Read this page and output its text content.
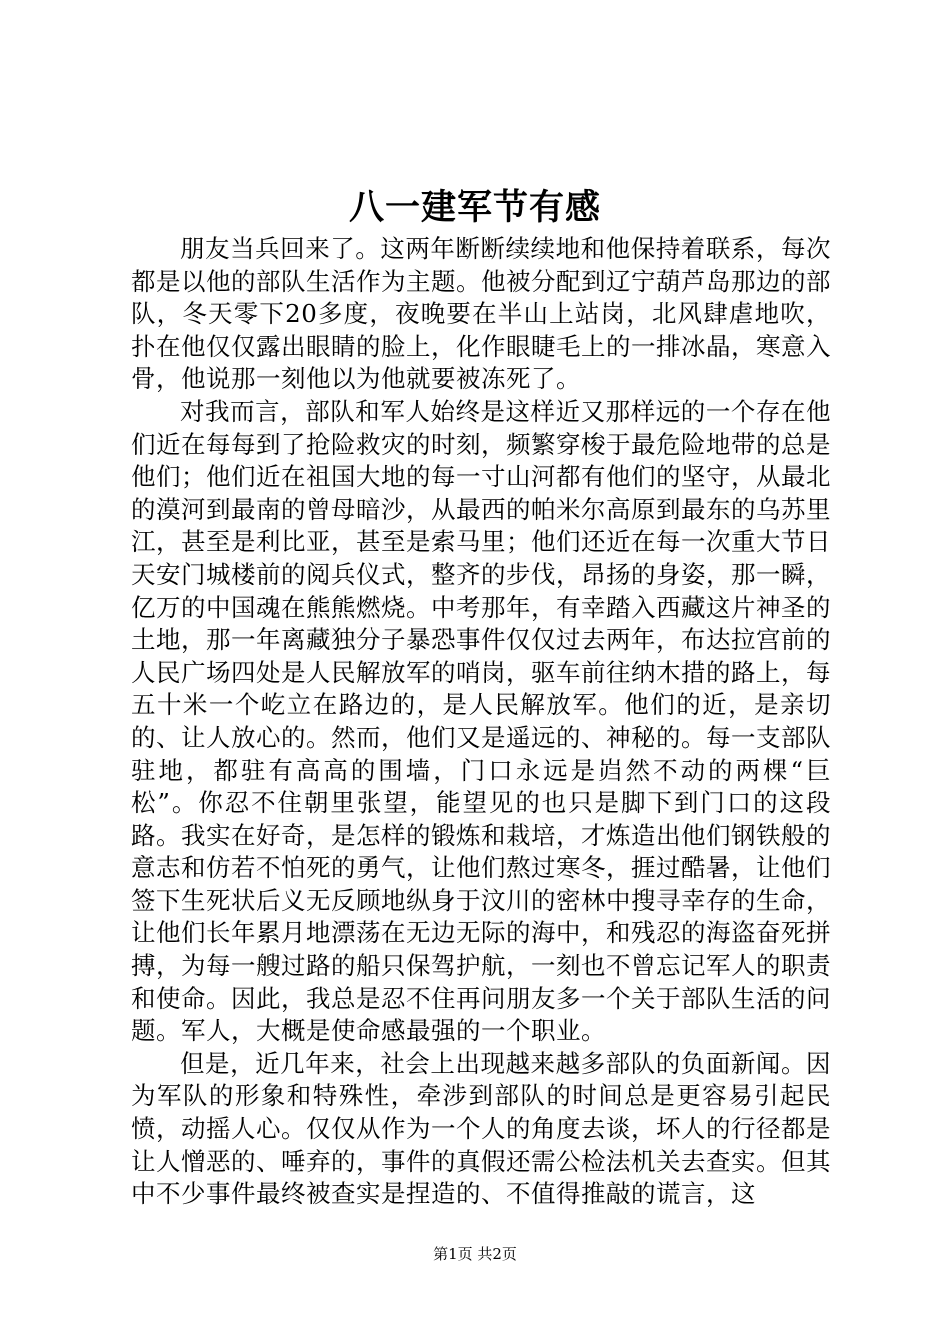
八一建军节有感

朋友当兵回来了。这两年断断续续地和他保持着联系，每次都是以他的部队生活作为主题。他被分配到辽宁葫芦岛那边的部队，冬天零下20多度，夜晚要在半山上站岗，北风肆虐地吹，扑在他仅仅露出眼睛的脸上，化作眼睫毛上的一排冰晶，寒意入骨，他说那一刻他以为他就要被冻死了。

对我而言，部队和军人始终是这样近又那样远的一个存在他们近在每每到了抢险救灾的时刻，频繁穿梭于最危险地带的总是他们；他们近在祖国大地的每一寸山河都有他们的坚守，从最北的漠河到最南的曾母暗沙，从最西的帕米尔高原到最东的乌苏里江，甚至是利比亚，甚至是索马里；他们还近在每一次重大节日天安门城楼前的阅兵仪式，整齐的步伐，昂扬的身姿，那一瞬，亿万的中国魂在熊熊燃烧。中考那年，有幸踏入西藏这片神圣的土地，那一年离藏独分子暴恐事件仅仅过去两年，布达拉宫前的人民广场四处是人民解放军的哨岗，驱车前往纳木措的路上，每五十米一个屹立在路边的，是人民解放军。他们的近，是亲切的、让人放心的。然而，他们又是遥远的、神秘的。每一支部队驻地，都驻有高高的围墙，门口永远是岿然不动的两棵“巨松”。你忍不住朝里张望，能望见的也只是脚下到门口的这段路。我实在好奇，是怎样的锻炼和栽培，才炼造出他们钢铁般的意志和仿若不怕死的勇气，让他们熬过寒冬，捱过酷暑，让他们签下生死状后义无反顾地纵身于汶川的密林中搜寻幸存的生命，让他们长年累月地漂荡在无边无际的海中，和残忍的海盗奋死拼搏，为每一艘过路的船只保驾护航，一刻也不曾忘记军人的职责和使命。因此，我总是忍不住再问朋友多一个关于部队生活的问题。军人，大概是使命感最强的一个职业。

但是，近几年来，社会上出现越来越多部队的负面新闻。因为军队的形象和特殊性，牵涉到部队的时间总是更容易引起民愤，动摇人心。仅仅从作为一个人的角度去谈，坏人的行径都是让人憎恶的、唾弃的，事件的真假还需公检法机关去查实。但其中不少事件最终被查实是捏造的、不值得推敲的谎言，这

第1页 共2页
